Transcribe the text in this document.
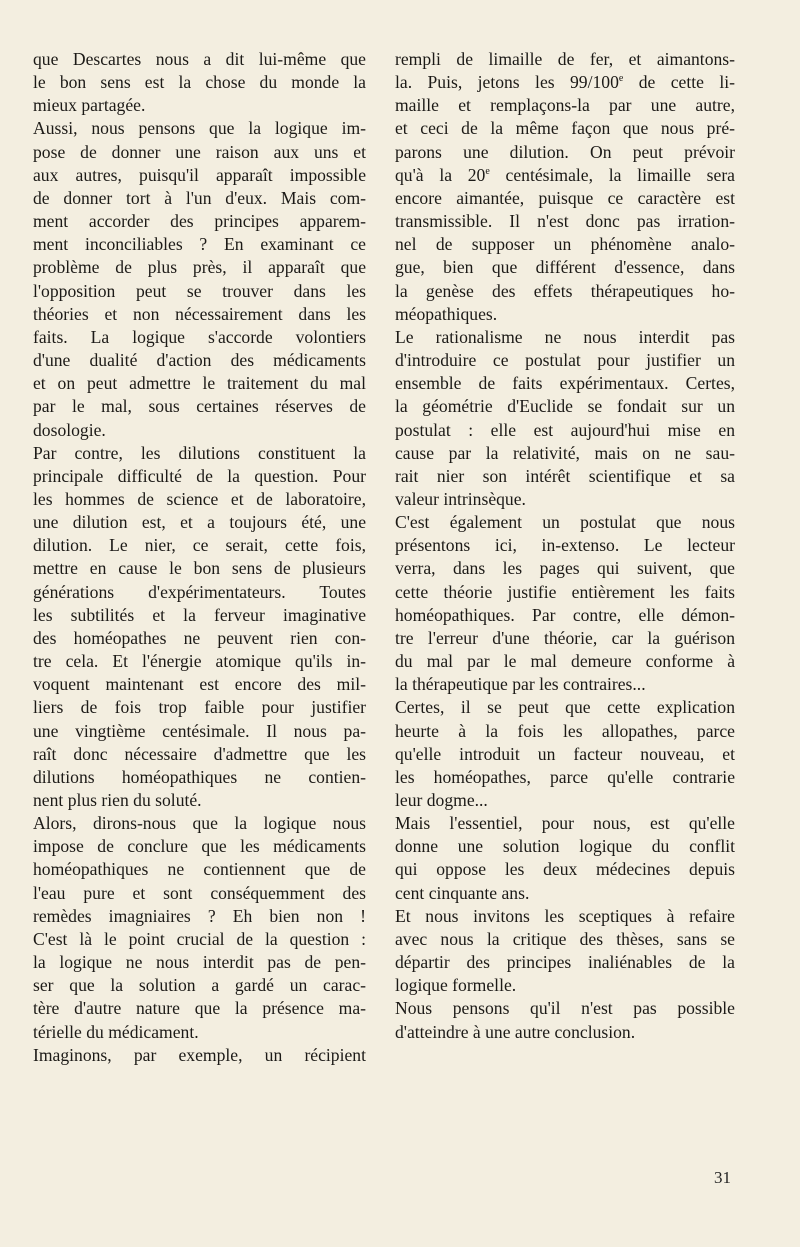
que Descartes nous a dit lui-même que
le bon sens est la chose du monde la
mieux partagée.
Aussi, nous pensons que la logique im-
pose de donner une raison aux uns et
aux autres, puisqu'il apparaît impossible
de donner tort à l'un d'eux. Mais com-
ment accorder des principes apparem-
ment inconciliables ? En examinant ce
problème de plus près, il apparaît que
l'opposition peut se trouver dans les
théories et non nécessairement dans les
faits. La logique s'accorde volontiers
d'une dualité d'action des médicaments
et on peut admettre le traitement du mal
par le mal, sous certaines réserves de
dosologie.
Par contre, les dilutions constituent la
principale difficulté de la question. Pour
les hommes de science et de laboratoire,
une dilution est, et a toujours été, une
dilution. Le nier, ce serait, cette fois,
mettre en cause le bon sens de plusieurs
générations d'expérimentateurs. Toutes
les subtilités et la ferveur imaginative
des homéopathes ne peuvent rien con-
tre cela. Et l'énergie atomique qu'ils in-
voquent maintenant est encore des mil-
liers de fois trop faible pour justifier
une vingtième centésimale. Il nous pa-
raît donc nécessaire d'admettre que les
dilutions homéopathiques ne contien-
nent plus rien du soluté.
Alors, dirons-nous que la logique nous
impose de conclure que les médicaments
homéopathiques ne contiennent que de
l'eau pure et sont conséquemment des
remèdes imagniaires ? Eh bien non !
C'est là le point crucial de la question :
la logique ne nous interdit pas de pen-
ser que la solution a gardé un carac-
tère d'autre nature que la présence ma-
térielle du médicament.
Imaginons, par exemple, un récipient
rempli de limaille de fer, et aimantons-
la. Puis, jetons les 99/100e de cette li-
maille et remplaçons-la par une autre,
et ceci de la même façon que nous pré-
parons une dilution. On peut prévoir
qu'à la 20e centésimale, la limaille sera
encore aimantée, puisque ce caractère est
transmissible. Il n'est donc pas irration-
nel de supposer un phénomène analo-
gue, bien que différent d'essence, dans
la genèse des effets thérapeutiques ho-
méopathiques.
Le rationalisme ne nous interdit pas
d'introduire ce postulat pour justifier un
ensemble de faits expérimentaux. Certes,
la géométrie d'Euclide se fondait sur un
postulat : elle est aujourd'hui mise en
cause par la relativité, mais on ne sau-
rait nier son intérêt scientifique et sa
valeur intrinsèque.
C'est également un postulat que nous
présentons ici, in-extenso. Le lecteur
verra, dans les pages qui suivent, que
cette théorie justifie entièrement les faits
homéopathiques. Par contre, elle démon-
tre l'erreur d'une théorie, car la guérison
du mal par le mal demeure conforme à
la thérapeutique par les contraires...
Certes, il se peut que cette explication
heurte à la fois les allopathes, parce
qu'elle introduit un facteur nouveau, et
les homéopathes, parce qu'elle contrarie
leur dogme...
Mais l'essentiel, pour nous, est qu'elle
donne une solution logique du conflit
qui oppose les deux médecines depuis
cent cinquante ans.
Et nous invitons les sceptiques à refaire
avec nous la critique des thèses, sans se
départir des principes inaliénables de la
logique formelle.
Nous pensons qu'il n'est pas possible
d'atteindre à une autre conclusion.
31
